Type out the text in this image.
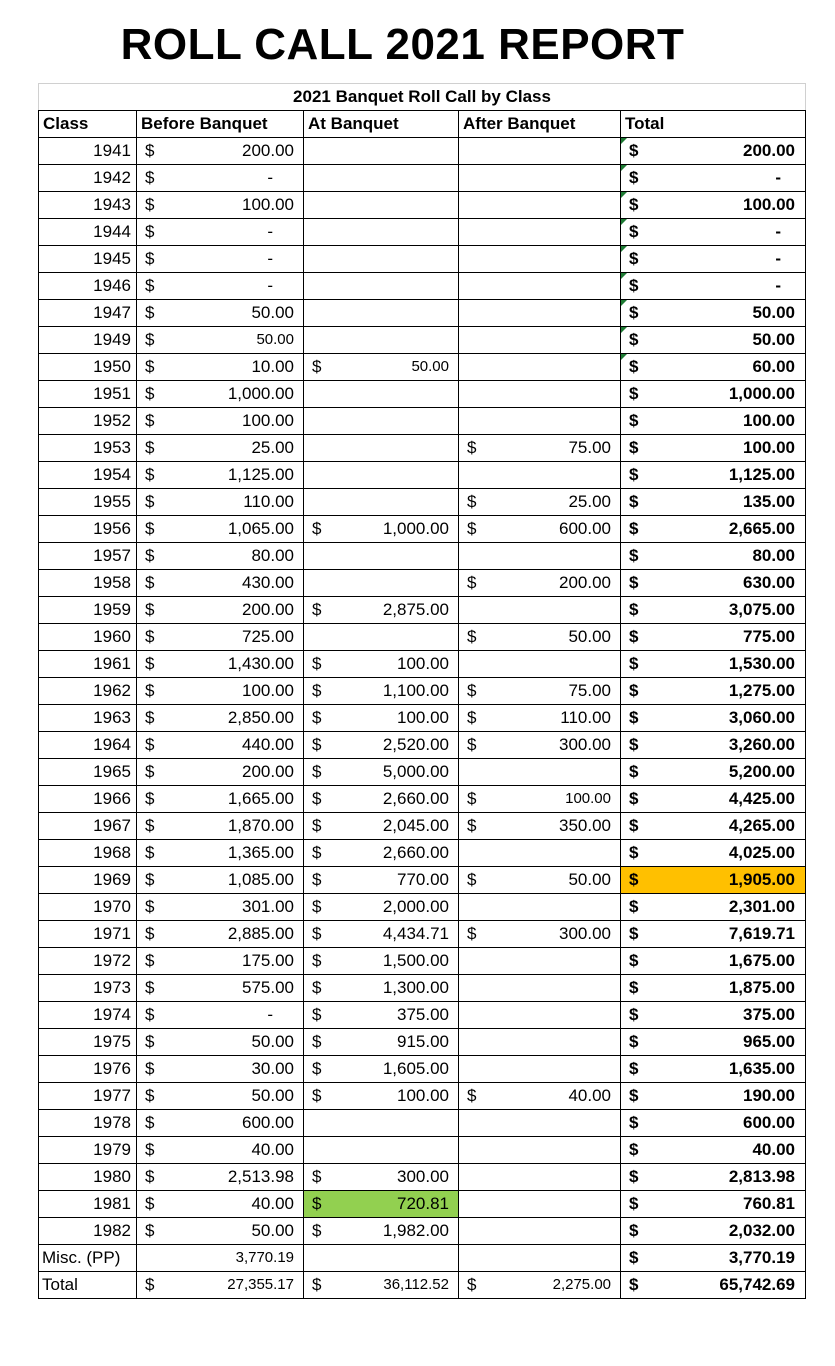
ROLL CALL 2021 REPORT
2021 Banquet Roll Call by Class				
Class	Before Banquet	At Banquet	After Banquet	Total
1941	$ 200.00			$ 200.00

1942	$ -			$ -

1943	$ 100.00			$ 100.00

1944	$ -			$ -

1945	$ -			$ -

1946	$ -			$ -

1947	$ 50.00			$ 50.00

1949	$ 50.00			$ 50.00

1950	$ 10.00	$ 50.00		$ 60.00

1951	$ 1,000.00			$ 1,000.00

1952	$ 100.00			$ 100.00

1953	$ 25.00		$ 75.00	$ 100.00

1954	$ 1,125.00			$ 1,125.00

1955	$ 110.00		$ 25.00	$ 135.00

1956	$ 1,065.00	$ 1,000.00	$ 600.00	$ 2,665.00

1957	$ 80.00			$ 80.00

1958	$ 430.00		$ 200.00	$ 630.00

1959	$ 200.00	$ 2,875.00		$ 3,075.00

1960	$ 725.00		$ 50.00	$ 775.00

1961	$ 1,430.00	$ 100.00		$ 1,530.00

1962	$ 100.00	$ 1,100.00	$ 75.00	$ 1,275.00

1963	$ 2,850.00	$ 100.00	$ 110.00	$ 3,060.00

1964	$ 440.00	$ 2,520.00	$ 300.00	$ 3,260.00

1965	$ 200.00	$ 5,000.00		$ 5,200.00

1966	$ 1,665.00	$ 2,660.00	$ 100.00	$ 4,425.00

1967	$ 1,870.00	$ 2,045.00	$ 350.00	$ 4,265.00

1968	$ 1,365.00	$ 2,660.00		$ 4,025.00

1969	$ 1,085.00	$ 770.00	$ 50.00	$ 1,905.00

1970	$ 301.00	$ 2,000.00		$ 2,301.00

1971	$ 2,885.00	$ 4,434.71	$ 300.00	$ 7,619.71

1972	$ 175.00	$ 1,500.00		$ 1,675.00

1973	$ 575.00	$ 1,300.00		$ 1,875.00

1974	$ -	$ 375.00		$ 375.00

1975	$ 50.00	$ 915.00		$ 965.00

1976	$ 30.00	$ 1,605.00		$ 1,635.00

1977	$ 50.00	$ 100.00	$ 40.00	$ 190.00

1978	$ 600.00			$ 600.00

1979	$ 40.00			$ 40.00

1980	$ 2,513.98	$ 300.00		$ 2,813.98

1981	$ 40.00	$ 720.81		$ 760.81

1982	$ 50.00	$ 1,982.00		$ 2,032.00

Misc. (PP)	3,770.19			$ 3,770.19

Total	$ 27,355.17	$ 36,112.52	$ 2,275.00	$ 65,742.69
